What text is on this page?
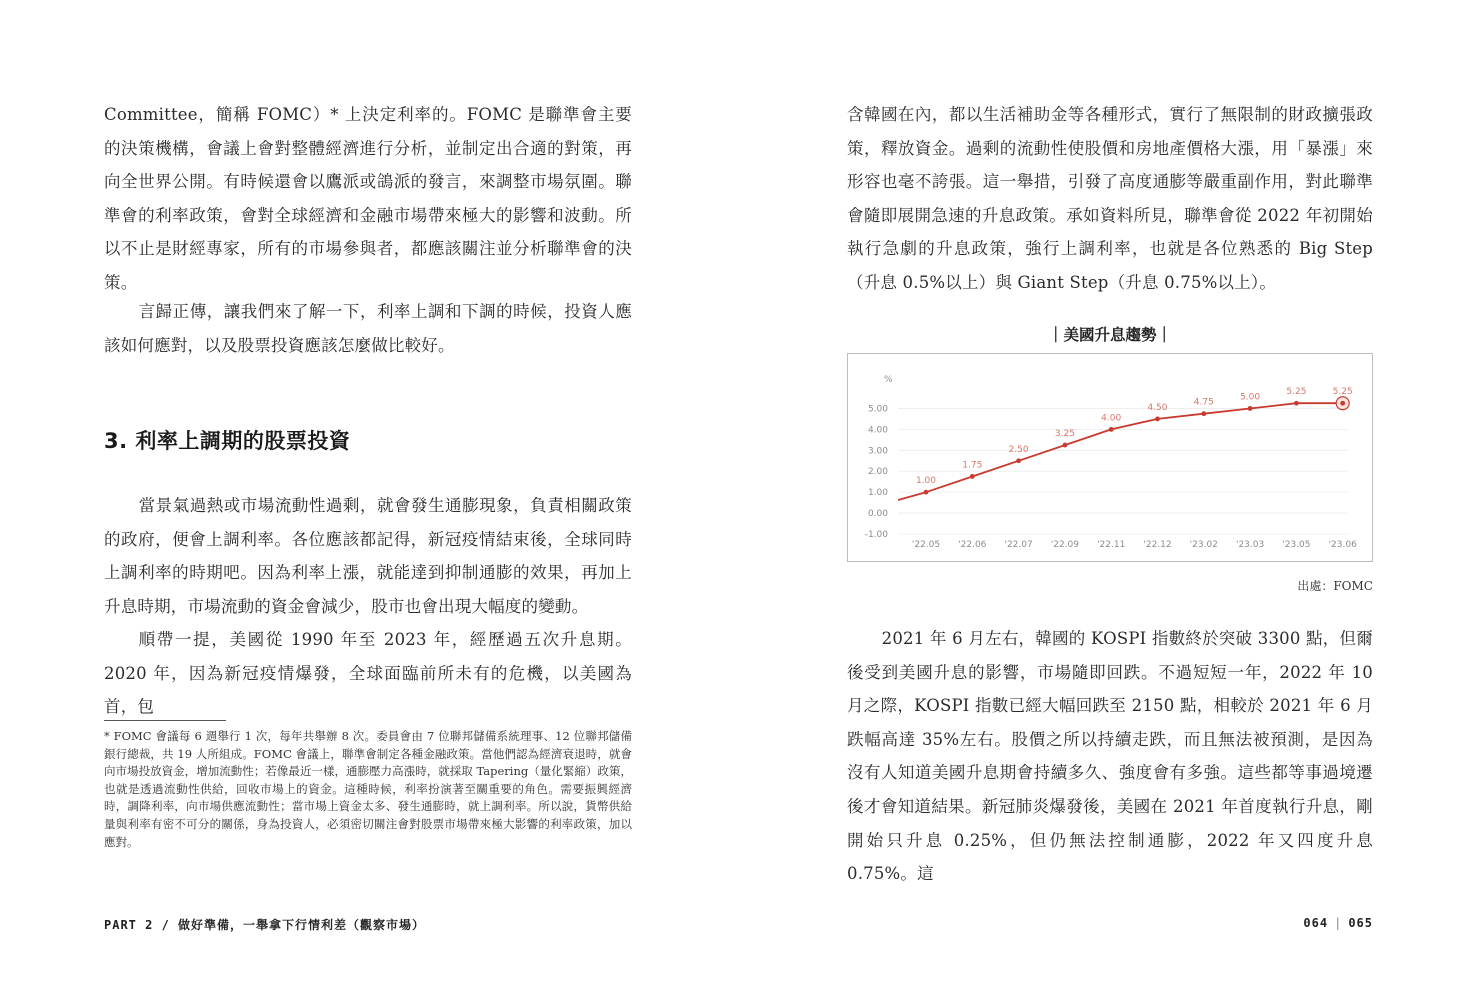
Committee，簡稱 FOMC）* 上決定利率的。FOMC 是聯準會主要的決策機構，會議上會對整體經濟進行分析，並制定出合適的對策，再向全世界公開。有時候還會以鷹派或鴿派的發言，來調整市場氛圍。聯準會的利率政策，會對全球經濟和金融市場帶來極大的影響和波動。所以不止是財經專家，所有的市場參與者，都應該關注並分析聯準會的決策。

言歸正傳，讓我們來了解一下，利率上調和下調的時候，投資人應該如何應對，以及股票投資應該怎麼做比較好。

3. 利率上調期的股票投資

當景氣過熱或市場流動性過剩，就會發生通膨現象，負責相關政策的政府，便會上調利率。各位應該都記得，新冠疫情結束後，全球同時上調利率的時期吧。因為利率上漲，就能達到抑制通膨的效果，再加上升息時期，市場流動的資金會減少，股市也會出現大幅度的變動。

順帶一提，美國從 1990 年至 2023 年，經歷過五次升息期。2020 年，因為新冠疫情爆發，全球面臨前所未有的危機，以美國為首，包

* FOMC 會議每 6 週舉行 1 次，每年共舉辦 8 次。委員會由 7 位聯邦儲備系統理事、12 位聯邦儲備銀行總裁，共 19 人所組成。FOMC 會議上，聯準會制定各種金融政策。當他們認為經濟衰退時，就會向市場投放資金，增加流動性；若像最近一樣，通膨壓力高漲時，就採取 Tapering（量化緊縮）政策，也就是透過流動性供給，回收市場上的資金。這種時候，利率扮演著至關重要的角色。需要振興經濟時，調降利率，向市場供應流動性；當市場上資金太多、發生通膨時，就上調利率。所以說，貨幣供給量與利率有密不可分的關係，身為投資人，必須密切關注會對股票市場帶來極大影響的利率政策，加以應對。

PART 2 / 做好準備，一舉拿下行情利差（觀察市場）

含韓國在內，都以生活補助金等各種形式，實行了無限制的財政擴張政策，釋放資金。過剩的流動性使股價和房地產價格大漲，用「暴漲」來形容也毫不誇張。這一舉措，引發了高度通膨等嚴重副作用，對此聯準會隨即展開急速的升息政策。承如資料所見，聯準會從 2022 年初開始執行急劇的升息政策，強行上調利率，也就是各位熟悉的 Big Step（升息 0.5%以上）與 Giant Step（升息 0.75%以上）。

｜美國升息趨勢｜

%
5.00
4.00
3.00
2.00
1.00
0.00
-1.00
'22.05 '22.06 '22.07 '22.09 '22.11 '22.12 '23.02 '23.03 '23.05 '23.06
1.00
1.75
2.50
3.25
4.00
4.50
4.75
5.00
5.25	5.25

出處：FOMC

2021 年 6 月左右，韓國的 KOSPI 指數終於突破 3300 點，但爾後受到美國升息的影響，市場隨即回跌。不過短短一年，2022 年 10 月之際，KOSPI 指數已經大幅回跌至 2150 點，相較於 2021 年 6 月跌幅高達 35%左右。股價之所以持續走跌，而且無法被預測，是因為沒有人知道美國升息期會持續多久、強度會有多強。這些都等事過境遷後才會知道結果。新冠肺炎爆發後，美國在 2021 年首度執行升息，剛開始只升息 0.25%，但仍無法控制通膨，2022 年又四度升息 0.75%。這

064 | 065
